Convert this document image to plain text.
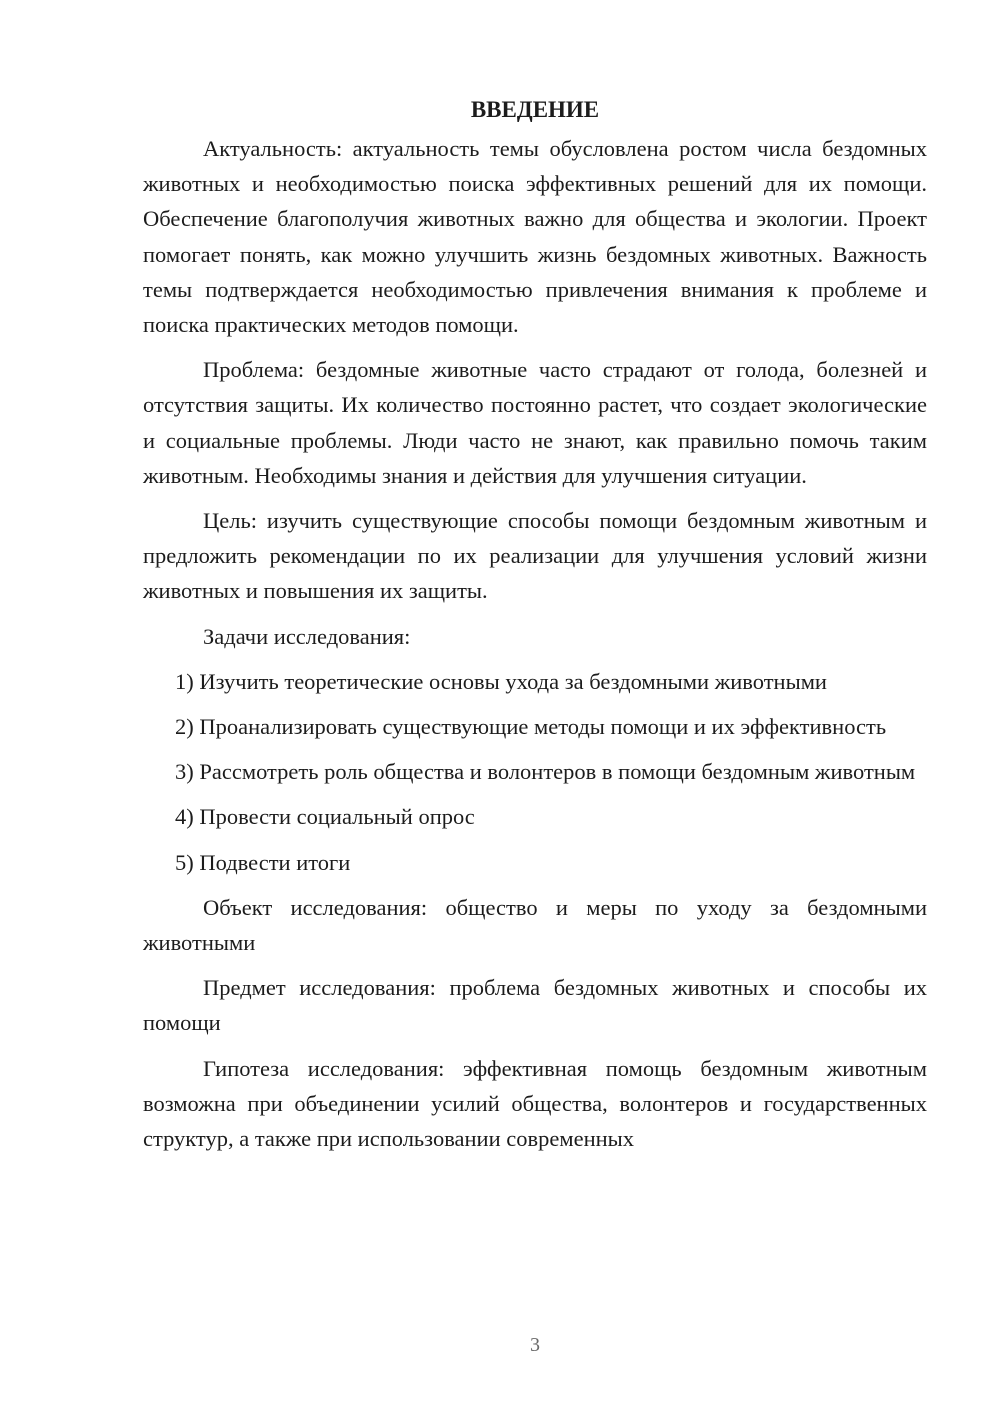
ВВЕДЕНИЕ

Актуальность: актуальность темы обусловлена ростом числа бездомных животных и необходимостью поиска эффективных решений для их помощи. Обеспечение благополучия животных важно для общества и экологии. Проект помогает понять, как можно улучшить жизнь бездомных животных. Важность темы подтверждается необходимостью привлечения внимания к проблеме и поиска практических методов помощи.

Проблема: бездомные животные часто страдают от голода, болезней и отсутствия защиты. Их количество постоянно растет, что создает экологические и социальные проблемы. Люди часто не знают, как правильно помочь таким животным. Необходимы знания и действия для улучшения ситуации.

Цель: изучить существующие способы помощи бездомным животным и предложить рекомендации по их реализации для улучшения условий жизни животных и повышения их защиты.

Задачи исследования:

1) Изучить теоретические основы ухода за бездомными животными

2) Проанализировать существующие методы помощи и их эффективность

3) Рассмотреть роль общества и волонтеров в помощи бездомным животным

4) Провести социальный опрос

5) Подвести итоги

Объект исследования: общество и меры по уходу за бездомными животными

Предмет исследования: проблема бездомных животных и способы их помощи

Гипотеза исследования: эффективная помощь бездомным животным возможна при объединении усилий общества, волонтеров и государственных структур, а также при использовании современных

3
